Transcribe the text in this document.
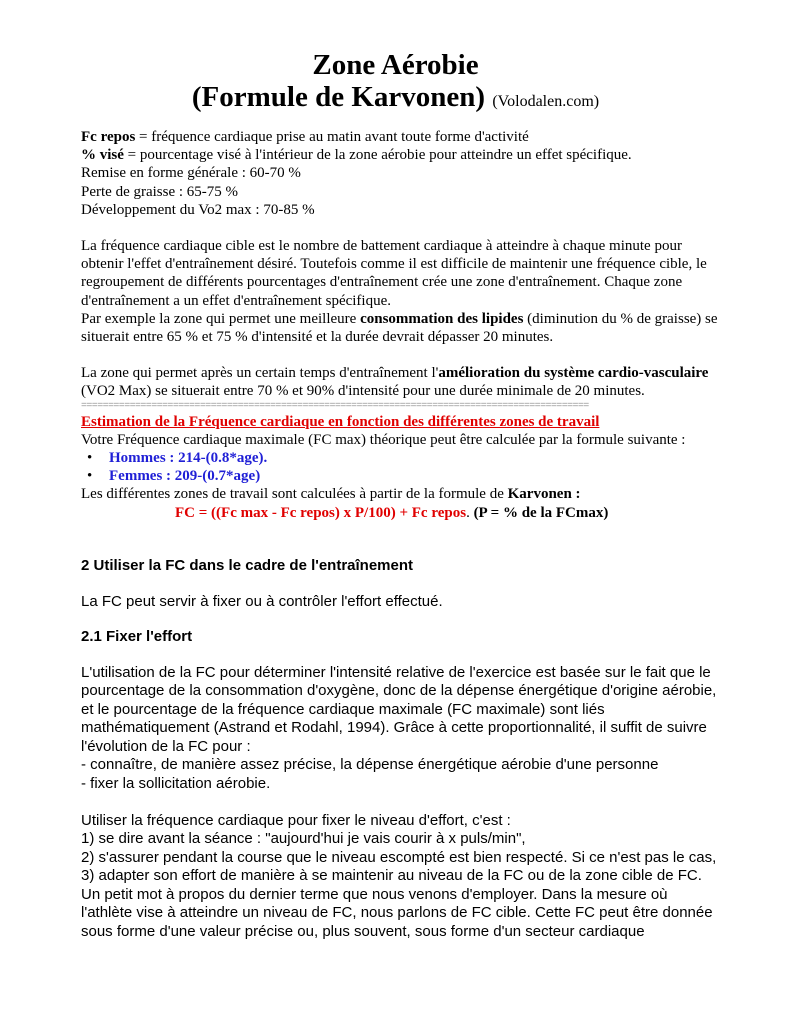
Zone Aérobie
(Formule de Karvonen) (Volodalen.com)

Fc repos = fréquence cardiaque prise au matin avant toute forme d'activité

% visé = pourcentage visé à l'intérieur de la zone aérobie pour atteindre un effet spécifique.

Remise en forme générale : 60-70 %

Perte de graisse : 65-75 %

Développement du Vo2 max : 70-85 %

La fréquence cardiaque cible est le nombre de battement cardiaque à atteindre à chaque minute pour obtenir l'effet d'entraînement désiré. Toutefois comme il est difficile de maintenir une fréquence cible, le regroupement de différents pourcentages d'entraînement crée une zone d'entraînement. Chaque zone d'entraînement a un effet d'entraînement spécifique.

Par exemple la zone qui permet une meilleure consommation des lipides (diminution du % de graisse) se situerait entre 65 % et 75 % d'intensité et la durée devrait dépasser 20 minutes.

La zone qui permet après un certain temps d'entraînement l'amélioration du système cardio-vasculaire (VO2 Max) se situerait entre 70 % et 90% d'intensité pour une durée minimale de 20 minutes.

==============================================================================================

Estimation de la Fréquence cardiaque en fonction des différentes zones de travail

Votre Fréquence cardiaque maximale (FC max) théorique peut être calculée par la formule suivante :

• Hommes : 214-(0.8*age).
• Femmes : 209-(0.7*age)

Les différentes zones de travail sont calculées à partir de la formule de Karvonen :

FC = ((Fc max - Fc repos) x P/100) + Fc repos. (P = % de la FCmax)

2 Utiliser la FC dans le cadre de l'entraînement

La FC peut servir à fixer ou à contrôler l'effort effectué.

2.1 Fixer l'effort

L'utilisation de la FC pour déterminer l'intensité relative de l'exercice est basée sur le fait que le pourcentage de la consommation d'oxygène, donc de la dépense énergétique d'origine aérobie, et le pourcentage de la fréquence cardiaque maximale (FC maximale) sont liés mathématiquement (Astrand et Rodahl, 1994). Grâce à cette proportionnalité, il suffit de suivre l'évolution de la FC pour :

- connaître, de manière assez précise, la dépense énergétique aérobie d'une personne

- fixer la sollicitation aérobie.

Utiliser la fréquence cardiaque pour fixer le niveau d'effort, c'est :

1) se dire avant la séance : "aujourd'hui je vais courir à x puls/min",

2) s'assurer pendant la course que le niveau escompté est bien respecté. Si ce n'est pas le cas,

3) adapter son effort de manière à se maintenir au niveau de la FC ou de la zone cible de FC.

Un petit mot à propos du dernier terme que nous venons d'employer. Dans la mesure où l'athlète vise à atteindre un niveau de FC, nous parlons de FC cible. Cette FC peut être donnée sous forme d'une valeur précise ou, plus souvent, sous forme d'un secteur cardiaque
